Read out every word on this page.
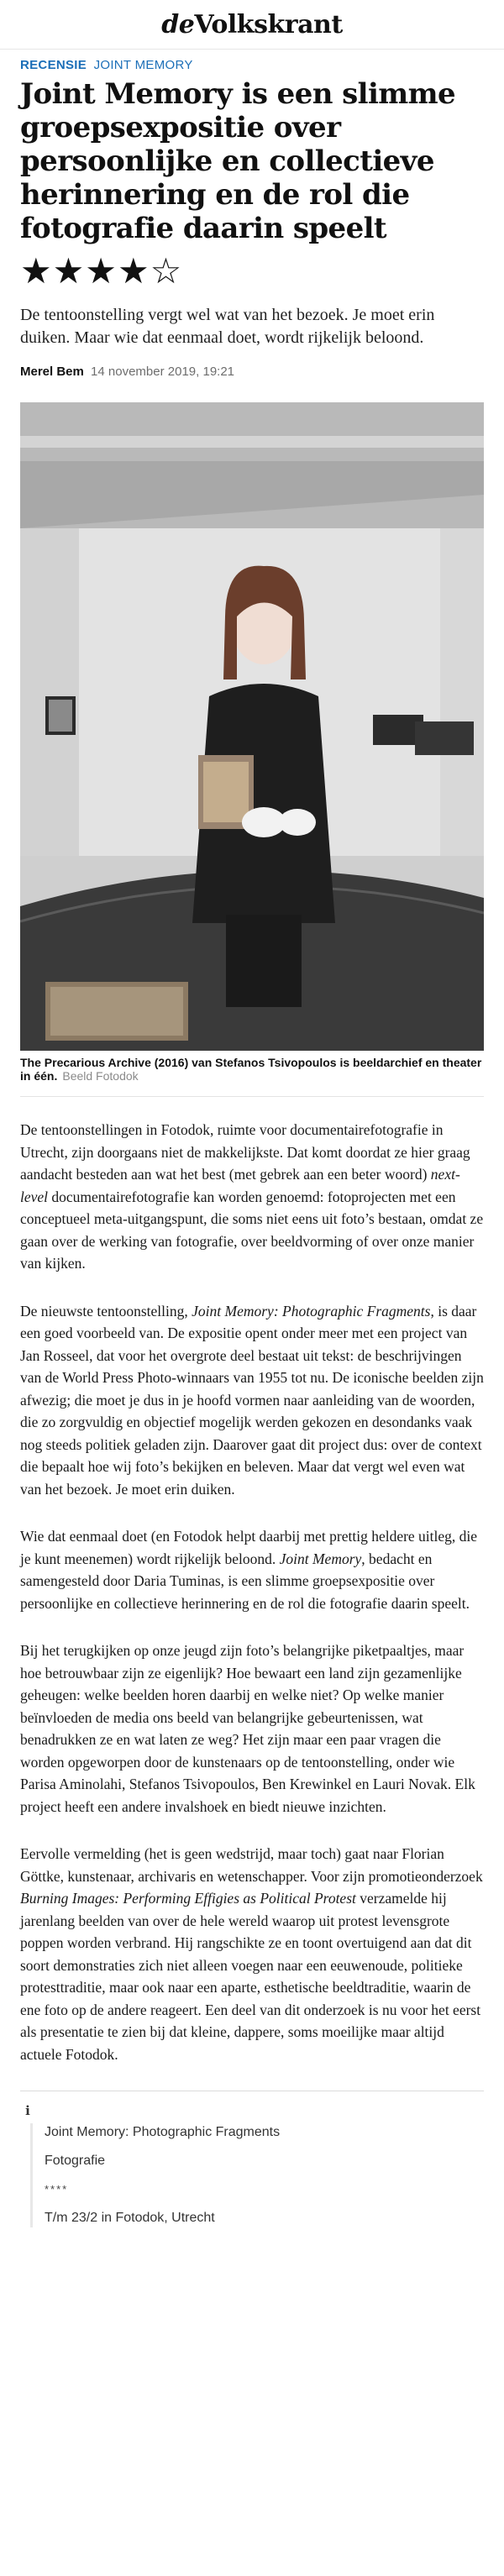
deVolkskrant
RECENSIE JOINT MEMORY
Joint Memory is een slimme groepsexpositie over persoonlijke en collectieve herinnering en de rol die fotografie daarin speelt
★★★★☆
De tentoonstelling vergt wel wat van het bezoek. Je moet erin duiken. Maar wie dat eenmaal doet, wordt rijkelijk beloond.
Merel Bem 14 november 2019, 19:21
The Precarious Archive (2016) van Stefanos Tsivopoulos is beeldarchief en theater in één. Beeld Fotodok

De tentoonstellingen in Fotodok, ruimte voor documentairefotografie in Utrecht, zijn doorgaans niet de makkelijkste. Dat komt doordat ze hier graag aandacht besteden aan wat het best (met gebrek aan een beter woord) next-level documentairefotografie kan worden genoemd: fotoprojecten met een conceptueel meta-uitgangspunt, die soms niet eens uit foto’s bestaan, omdat ze gaan over de werking van fotografie, over beeldvorming of over onze manier van kijken.

De nieuwste tentoonstelling, Joint Memory: Photographic Fragments, is daar een goed voorbeeld van. De expositie opent onder meer met een project van Jan Rosseel, dat voor het overgrote deel bestaat uit tekst: de beschrijvingen van de World Press Photo-winnaars van 1955 tot nu. De iconische beelden zijn afwezig; die moet je dus in je hoofd vormen naar aanleiding van de woorden, die zo zorgvuldig en objectief mogelijk werden gekozen en desondanks vaak nog steeds politiek geladen zijn. Daarover gaat dit project dus: over de context die bepaalt hoe wij foto’s bekijken en beleven. Maar dat vergt wel even wat van het bezoek. Je moet erin duiken.

Wie dat eenmaal doet (en Fotodok helpt daarbij met prettig heldere uitleg, die je kunt meenemen) wordt rijkelijk beloond. Joint Memory, bedacht en samengesteld door Daria Tuminas, is een slimme groepsexpositie over persoonlijke en collectieve herinnering en de rol die fotografie daarin speelt.

Bij het terugkijken op onze jeugd zijn foto’s belangrijke piketpaaltjes, maar hoe betrouwbaar zijn ze eigenlijk? Hoe bewaart een land zijn gezamenlijke geheugen: welke beelden horen daarbij en welke niet? Op welke manier beïnvloeden de media ons beeld van belangrijke gebeurtenissen, wat benadrukken ze en wat laten ze weg? Het zijn maar een paar vragen die worden opgeworpen door de kunstenaars op de tentoonstelling, onder wie Parisa Aminolahi, Stefanos Tsivopoulos, Ben Krewinkel en Lauri Novak. Elk project heeft een andere invalshoek en biedt nieuwe inzichten.

Eervolle vermelding (het is geen wedstrijd, maar toch) gaat naar Florian Göttke, kunstenaar, archivaris en wetenschapper. Voor zijn promotieonderzoek Burning Images: Performing Effigies as Political Protest verzamelde hij jarenlang beelden van over de hele wereld waarop uit protest levensgrote poppen worden verbrand. Hij rangschikte ze en toont overtuigend aan dat dit soort demonstraties zich niet alleen voegen naar een eeuwenoude, politieke protesttraditie, maar ook naar een aparte, esthetische beeldtraditie, waarin de ene foto op de andere reageert. Een deel van dit onderzoek is nu voor het eerst als presentatie te zien bij dat kleine, dappere, soms moeilijke maar altijd actuele Fotodok.

i
Joint Memory: Photographic Fragments
Fotografie
****
T/m 23/2 in Fotodok, Utrecht
